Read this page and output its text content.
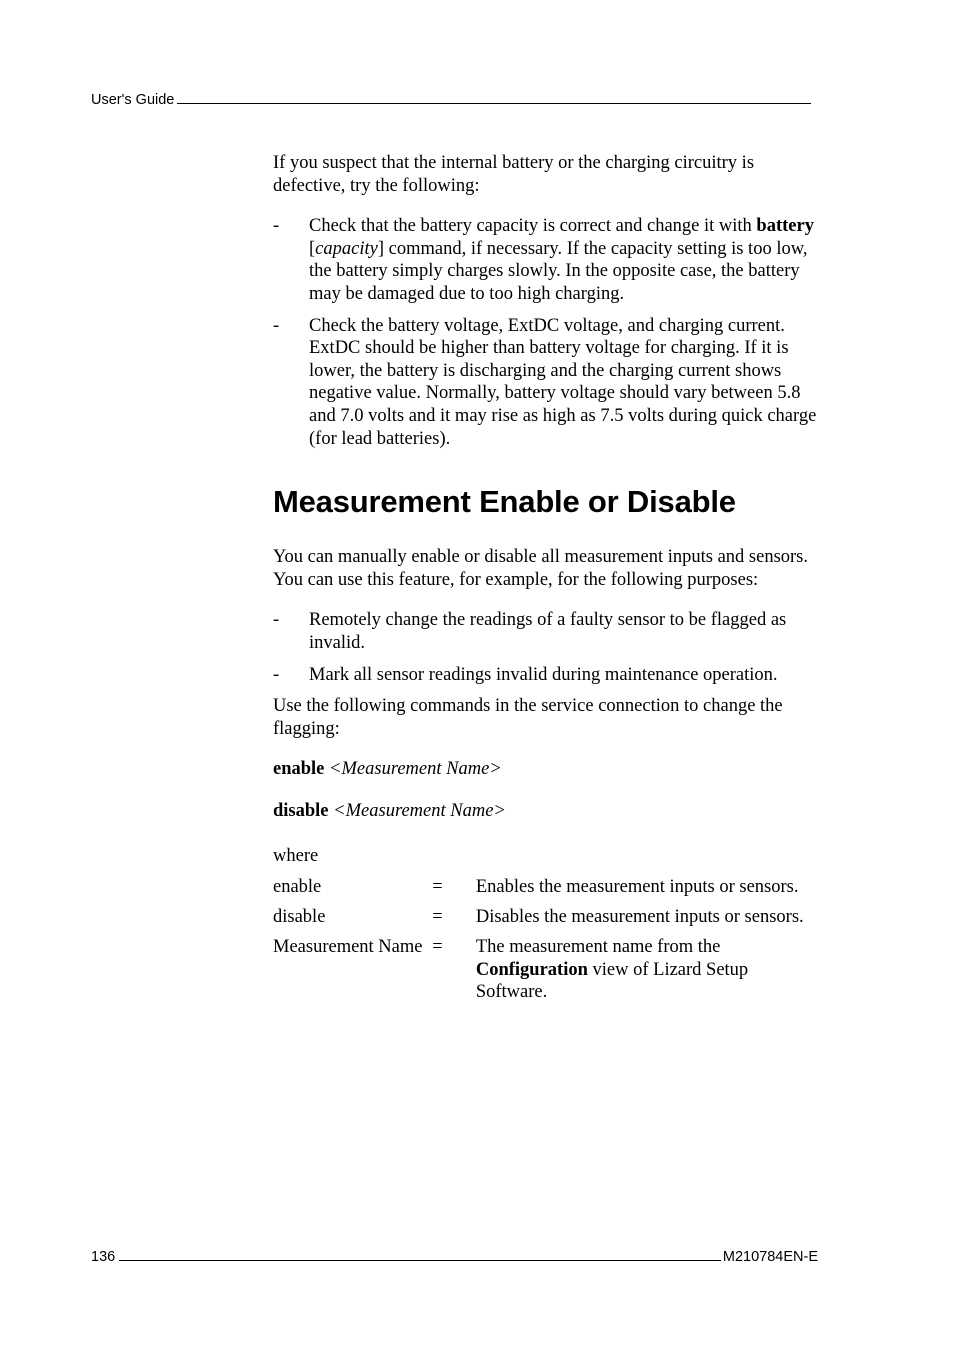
User's Guide

If you suspect that the internal battery or the charging circuitry is defective, try the following:

- Check that the battery capacity is correct and change it with battery [capacity] command, if necessary. If the capacity setting is too low, the battery simply charges slowly. In the opposite case, the battery may be damaged due to too high charging.
- Check the battery voltage, ExtDC voltage, and charging current. ExtDC should be higher than battery voltage for charging. If it is lower, the battery is discharging and the charging current shows negative value. Normally, battery voltage should vary between 5.8 and 7.0 volts and it may rise as high as 7.5 volts during quick charge (for lead batteries).
Measurement Enable or Disable

You can manually enable or disable all measurement inputs and sensors. You can use this feature, for example, for the following purposes:

- Remotely change the readings of a faulty sensor to be flagged as invalid.
- Mark all sensor readings invalid during maintenance operation.

Use the following commands in the service connection to change the flagging:

enable <Measurement Name>

disable <Measurement Name>

where

enable	=	Enables the measurement inputs or sensors.
disable	=	Disables the measurement inputs or sensors.
Measurement Name	=	The measurement name from the Configuration view of Lizard Setup Software.
136	M210784EN-E
